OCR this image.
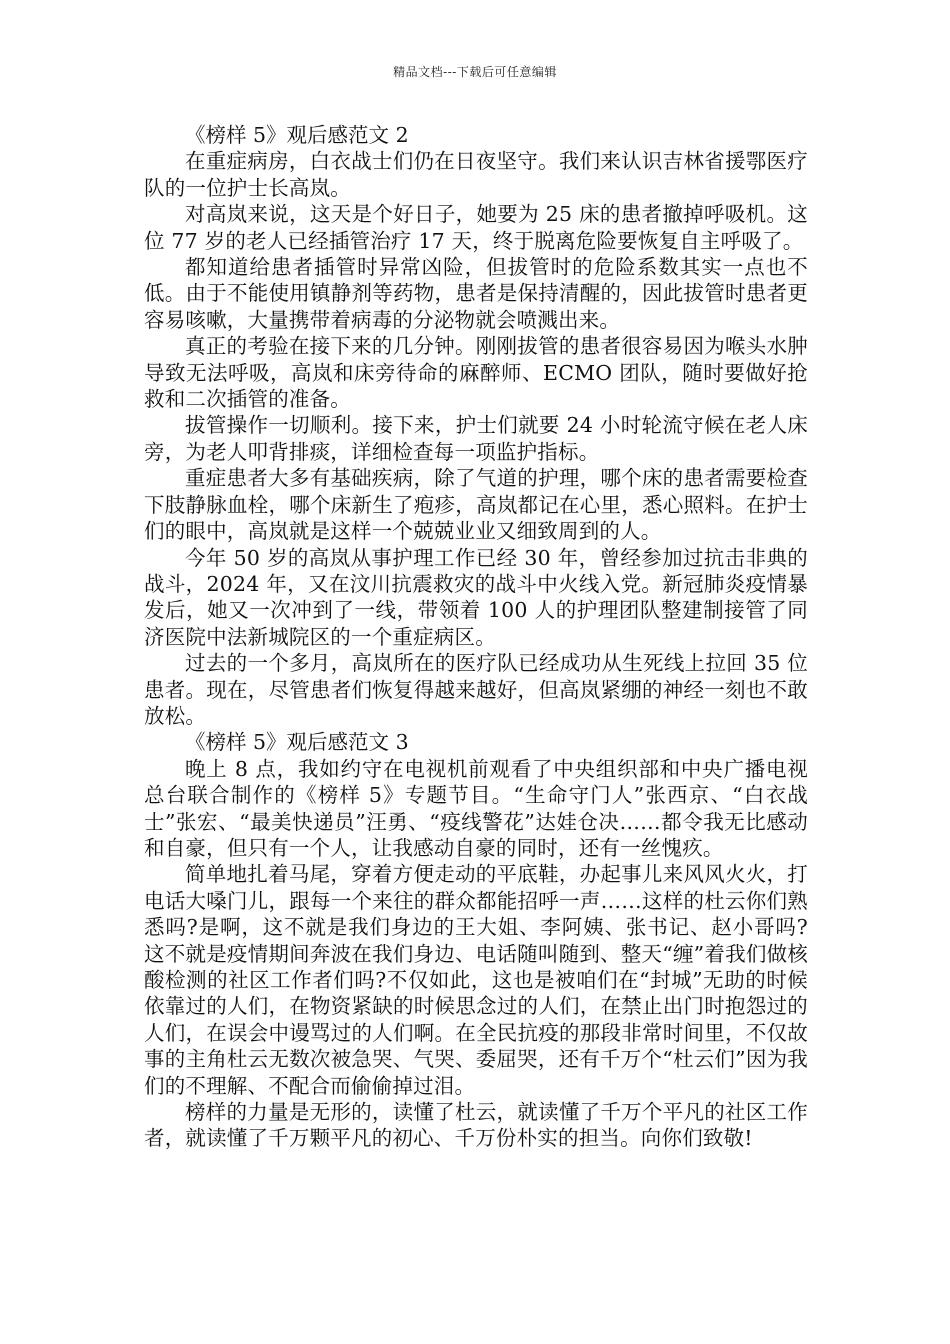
精品文档---下载后可任意编辑

《榜样 5》观后感范文 2

在重症病房，白衣战士们仍在日夜坚守。我们来认识吉林省援鄂医疗队的一位护士长高岚。

对高岚来说，这天是个好日子，她要为 25 床的患者撤掉呼吸机。这位 77 岁的老人已经插管治疗 17 天，终于脱离危险要恢复自主呼吸了。

都知道给患者插管时异常凶险，但拔管时的危险系数其实一点也不低。由于不能使用镇静剂等药物，患者是保持清醒的，因此拔管时患者更容易咳嗽，大量携带着病毒的分泌物就会喷溅出来。

真正的考验在接下来的几分钟。刚刚拔管的患者很容易因为喉头水肿导致无法呼吸，高岚和床旁待命的麻醉师、ECMO 团队，随时要做好抢救和二次插管的准备。

拔管操作一切顺利。接下来，护士们就要 24 小时轮流守候在老人床旁，为老人叩背排痰，详细检查每一项监护指标。

重症患者大多有基础疾病，除了气道的护理，哪个床的患者需要检查下肢静脉血栓，哪个床新生了疱疹，高岚都记在心里，悉心照料。在护士们的眼中，高岚就是这样一个兢兢业业又细致周到的人。

今年 50 岁的高岚从事护理工作已经 30 年，曾经参加过抗击非典的战斗，2024 年，又在汶川抗震救灾的战斗中火线入党。新冠肺炎疫情暴发后，她又一次冲到了一线，带领着 100 人的护理团队整建制接管了同济医院中法新城院区的一个重症病区。

过去的一个多月，高岚所在的医疗队已经成功从生死线上拉回 35 位患者。现在，尽管患者们恢复得越来越好，但高岚紧绷的神经一刻也不敢放松。

《榜样 5》观后感范文 3

晚上 8 点，我如约守在电视机前观看了中央组织部和中央广播电视总台联合制作的《榜样 5》专题节目。“生命守门人”张西京、“白衣战士”张宏、“最美快递员”汪勇、“疫线警花”达娃仓决……都令我无比感动和自豪，但只有一个人，让我感动自豪的同时，还有一丝愧疚。

简单地扎着马尾，穿着方便走动的平底鞋，办起事儿来风风火火，打电话大嗓门儿，跟每一个来往的群众都能招呼一声……这样的杜云你们熟悉吗?是啊，这不就是我们身边的王大姐、李阿姨、张书记、赵小哥吗?这不就是疫情期间奔波在我们身边、电话随叫随到、整天“缠”着我们做核酸检测的社区工作者们吗?不仅如此，这也是被咱们在“封城”无助的时候依靠过的人们，在物资紧缺的时候思念过的人们，在禁止出门时抱怨过的人们，在误会中谩骂过的人们啊。在全民抗疫的那段非常时间里，不仅故事的主角杜云无数次被急哭、气哭、委屈哭，还有千万个“杜云们”因为我们的不理解、不配合而偷偷掉过泪。

榜样的力量是无形的，读懂了杜云，就读懂了千万个平凡的社区工作者，就读懂了千万颗平凡的初心、千万份朴实的担当。向你们致敬!
